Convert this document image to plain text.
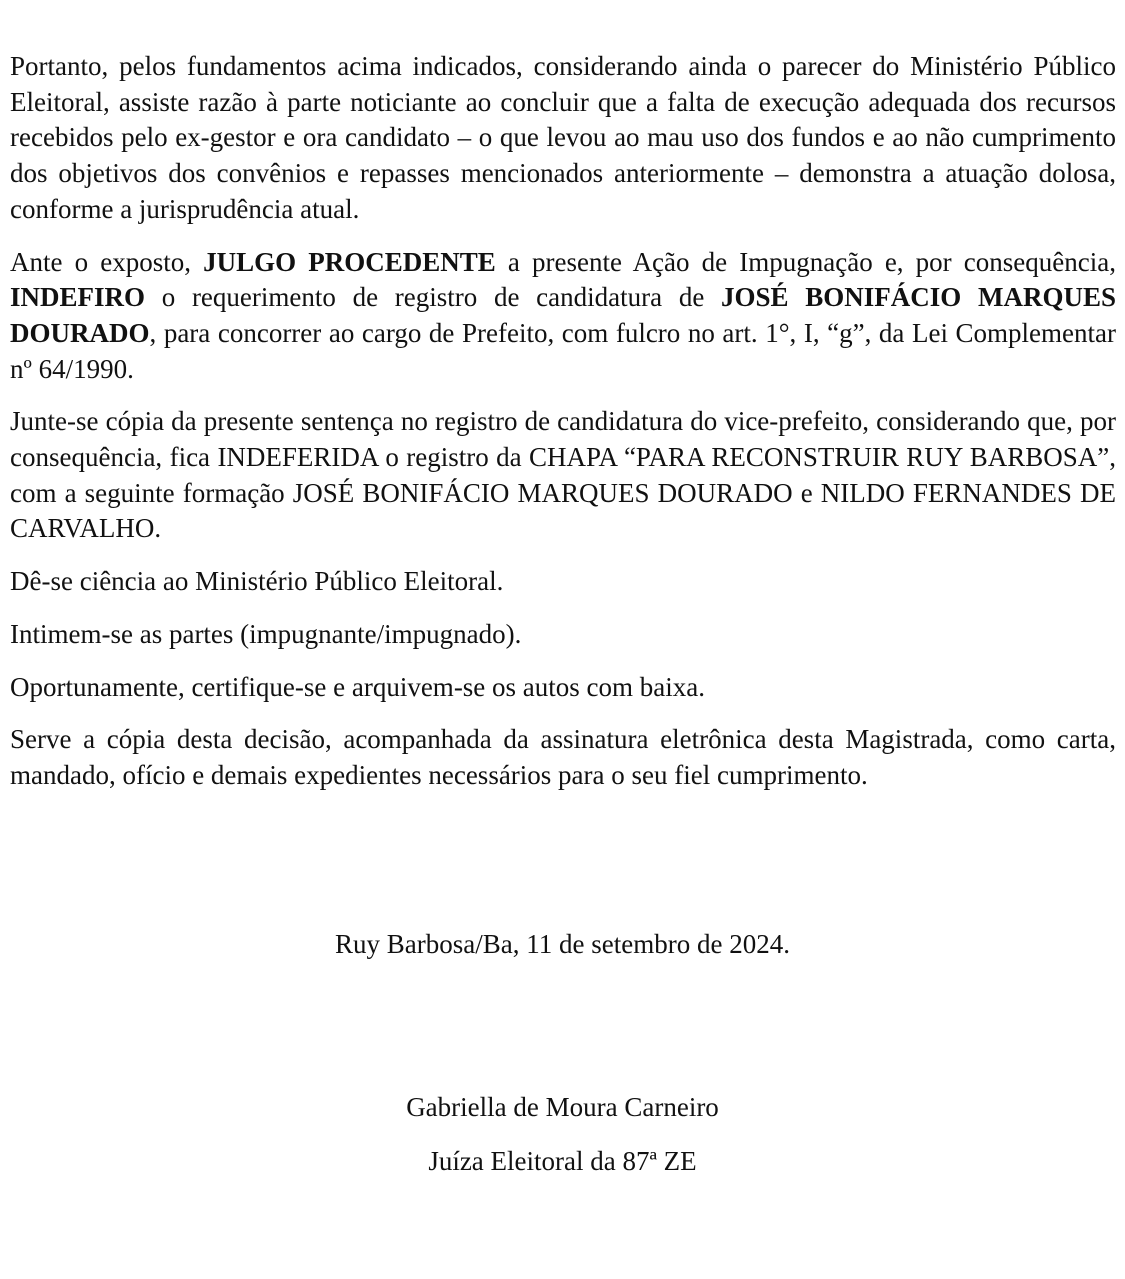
Portanto, pelos fundamentos acima indicados, considerando ainda o parecer do Ministério Público Eleitoral, assiste razão à parte noticiante ao concluir que a falta de execução adequada dos recursos recebidos pelo ex-gestor e ora candidato – o que levou ao mau uso dos fundos e ao não cumprimento dos objetivos dos convênios e repasses mencionados anteriormente – demonstra a atuação dolosa, conforme a jurisprudência atual.

Ante o exposto, JULGO PROCEDENTE a presente Ação de Impugnação e, por consequência, INDEFIRO o requerimento de registro de candidatura de JOSÉ BONIFÁCIO MARQUES DOURADO, para concorrer ao cargo de Prefeito, com fulcro no art. 1°, I, “g”, da Lei Complementar nº 64/1990.

Junte-se cópia da presente sentença no registro de candidatura do vice-prefeito, considerando que, por consequência, fica INDEFERIDA o registro da CHAPA “PARA RECONSTRUIR RUY BARBOSA”, com a seguinte formação JOSÉ BONIFÁCIO MARQUES DOURADO e NILDO FERNANDES DE CARVALHO.

Dê-se ciência ao Ministério Público Eleitoral.

Intimem-se as partes (impugnante/impugnado).

Oportunamente, certifique-se e arquivem-se os autos com baixa.

Serve a cópia desta decisão, acompanhada da assinatura eletrônica desta Magistrada, como carta, mandado, ofício e demais expedientes necessários para o seu fiel cumprimento.

Ruy Barbosa/Ba, 11 de setembro de 2024.

Gabriella de Moura Carneiro

Juíza Eleitoral da 87ª ZE
